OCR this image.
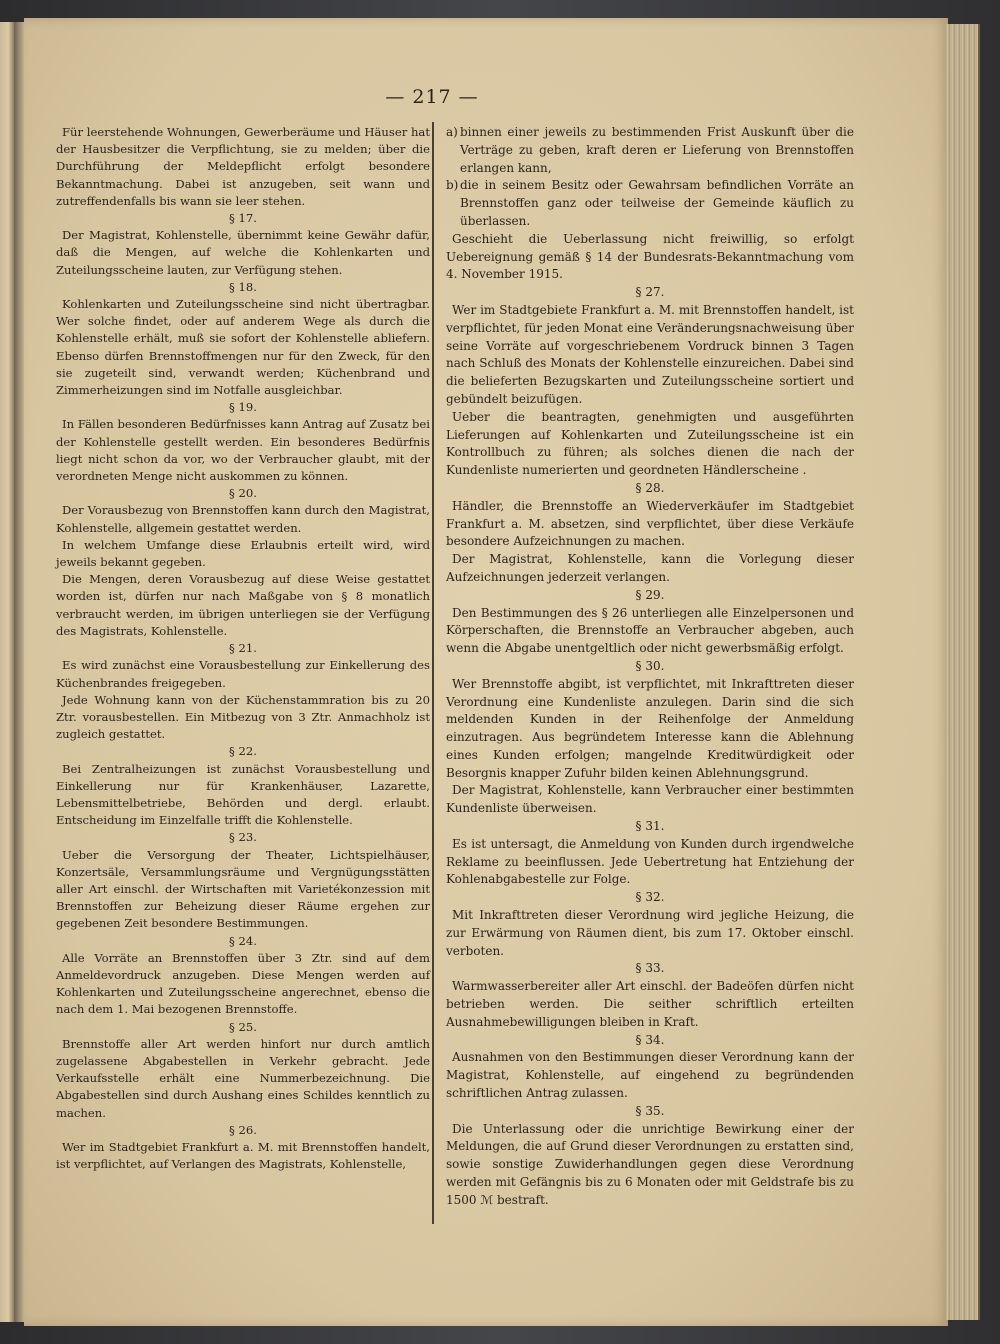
— 217 —

Für leerstehende Wohnungen, Gewerberäume und Häuser hat der Hausbesitzer die Verpflichtung, sie zu melden; über die Durchführung der Meldepflicht erfolgt besondere Bekanntmachung. Dabei ist anzugeben, seit wann und zutreffendenfalls bis wann sie leer stehen.

§ 17.

Der Magistrat, Kohlenstelle, übernimmt keine Gewähr dafür, daß die Mengen, auf welche die Kohlenkarten und Zuteilungsscheine lauten, zur Verfügung stehen.

§ 18.

Kohlenkarten und Zuteilungsscheine sind nicht übertragbar. Wer solche findet, oder auf anderem Wege als durch die Kohlenstelle erhält, muß sie sofort der Kohlenstelle abliefern. Ebenso dürfen Brennstoffmengen nur für den Zweck, für den sie zugeteilt sind, verwandt werden; Küchenbrand und Zimmerheizungen sind im Notfalle ausgleichbar.

§ 19.

In Fällen besonderen Bedürfnisses kann Antrag auf Zusatz bei der Kohlenstelle gestellt werden. Ein besonderes Bedürfnis liegt nicht schon da vor, wo der Verbraucher glaubt, mit der verordneten Menge nicht auskommen zu können.

§ 20.

Der Vorausbezug von Brennstoffen kann durch den Magistrat, Kohlenstelle, allgemein gestattet werden.

In welchem Umfange diese Erlaubnis erteilt wird, wird jeweils bekannt gegeben.

Die Mengen, deren Vorausbezug auf diese Weise gestattet worden ist, dürfen nur nach Maßgabe von § 8 monatlich verbraucht werden, im übrigen unterliegen sie der Verfügung des Magistrats, Kohlenstelle.

§ 21.

Es wird zunächst eine Vorausbestellung zur Einkellerung des Küchenbrandes freigegeben.

Jede Wohnung kann von der Küchenstammration bis zu 20 Ztr. vorausbestellen. Ein Mitbezug von 3 Ztr. Anmachholz ist zugleich gestattet.

§ 22.

Bei Zentralheizungen ist zunächst Vorausbestellung und Einkellerung nur für Krankenhäuser, Lazarette, Lebensmittelbetriebe, Behörden und dergl. erlaubt. Entscheidung im Einzelfalle trifft die Kohlenstelle.

§ 23.

Ueber die Versorgung der Theater, Lichtspielhäuser, Konzertsäle, Versammlungsräume und Vergnügungsstätten aller Art einschl. der Wirtschaften mit Varietékonzession mit Brennstoffen zur Beheizung dieser Räume ergehen zur gegebenen Zeit besondere Bestimmungen.

§ 24.

Alle Vorräte an Brennstoffen über 3 Ztr. sind auf dem Anmeldevordruck anzugeben. Diese Mengen werden auf Kohlenkarten und Zuteilungsscheine angerechnet, ebenso die nach dem 1. Mai bezogenen Brennstoffe.

§ 25.

Brennstoffe aller Art werden hinfort nur durch amtlich zugelassene Abgabestellen in Verkehr gebracht. Jede Verkaufsstelle erhält eine Nummerbezeichnung. Die Abgabestellen sind durch Aushang eines Schildes kenntlich zu machen.

§ 26.

Wer im Stadtgebiet Frankfurt a. M. mit Brennstoffen handelt, ist verpflichtet, auf Verlangen des Magistrats, Kohlenstelle,

a) binnen einer jeweils zu bestimmenden Frist Auskunft über die Verträge zu geben, kraft deren er Lieferung von Brennstoffen erlangen kann,

b) die in seinem Besitz oder Gewahrsam befindlichen Vorräte an Brennstoffen ganz oder teilweise der Gemeinde käuflich zu überlassen.

Geschieht die Ueberlassung nicht freiwillig, so erfolgt Uebereignung gemäß § 14 der Bundesrats-Bekanntmachung vom 4. November 1915.

§ 27.

Wer im Stadtgebiete Frankfurt a. M. mit Brennstoffen handelt, ist verpflichtet, für jeden Monat eine Veränderungsnachweisung über seine Vorräte auf vorgeschriebenem Vordruck binnen 3 Tagen nach Schluß des Monats der Kohlenstelle einzureichen. Dabei sind die belieferten Bezugskarten und Zuteilungsscheine sortiert und gebündelt beizufügen.

Ueber die beantragten, genehmigten und ausgeführten Lieferungen auf Kohlenkarten und Zuteilungsscheine ist ein Kontrollbuch zu führen; als solches dienen die nach der Kundenliste numerierten und geordneten Händlerscheine .

§ 28.

Händler, die Brennstoffe an Wiederverkäufer im Stadtgebiet Frankfurt a. M. absetzen, sind verpflichtet, über diese Verkäufe besondere Aufzeichnungen zu machen.

Der Magistrat, Kohlenstelle, kann die Vorlegung dieser Aufzeichnungen jederzeit verlangen.

§ 29.

Den Bestimmungen des § 26 unterliegen alle Einzelpersonen und Körperschaften, die Brennstoffe an Verbraucher abgeben, auch wenn die Abgabe unentgeltlich oder nicht gewerbsmäßig erfolgt.

§ 30.

Wer Brennstoffe abgibt, ist verpflichtet, mit Inkrafttreten dieser Verordnung eine Kundenliste anzulegen. Darin sind die sich meldenden Kunden in der Reihenfolge der Anmeldung einzutragen. Aus begründetem Interesse kann die Ablehnung eines Kunden erfolgen; mangelnde Kreditwürdigkeit oder Besorgnis knapper Zufuhr bilden keinen Ablehnungsgrund.

Der Magistrat, Kohlenstelle, kann Verbraucher einer bestimmten Kundenliste überweisen.

§ 31.

Es ist untersagt, die Anmeldung von Kunden durch irgendwelche Reklame zu beeinflussen. Jede Uebertretung hat Entziehung der Kohlenabgabestelle zur Folge.

§ 32.

Mit Inkrafttreten dieser Verordnung wird jegliche Heizung, die zur Erwärmung von Räumen dient, bis zum 17. Oktober einschl. verboten.

§ 33.

Warmwasserbereiter aller Art einschl. der Badeöfen dürfen nicht betrieben werden. Die seither schriftlich erteilten Ausnahmebewilligungen bleiben in Kraft.

§ 34.

Ausnahmen von den Bestimmungen dieser Verordnung kann der Magistrat, Kohlenstelle, auf eingehend zu begründenden schriftlichen Antrag zulassen.

§ 35.

Die Unterlassung oder die unrichtige Bewirkung einer der Meldungen, die auf Grund dieser Verordnungen zu erstatten sind, sowie sonstige Zuwiderhandlungen gegen diese Verordnung werden mit Gefängnis bis zu 6 Monaten oder mit Geldstrafe bis zu 1500 ℳ bestraft.
